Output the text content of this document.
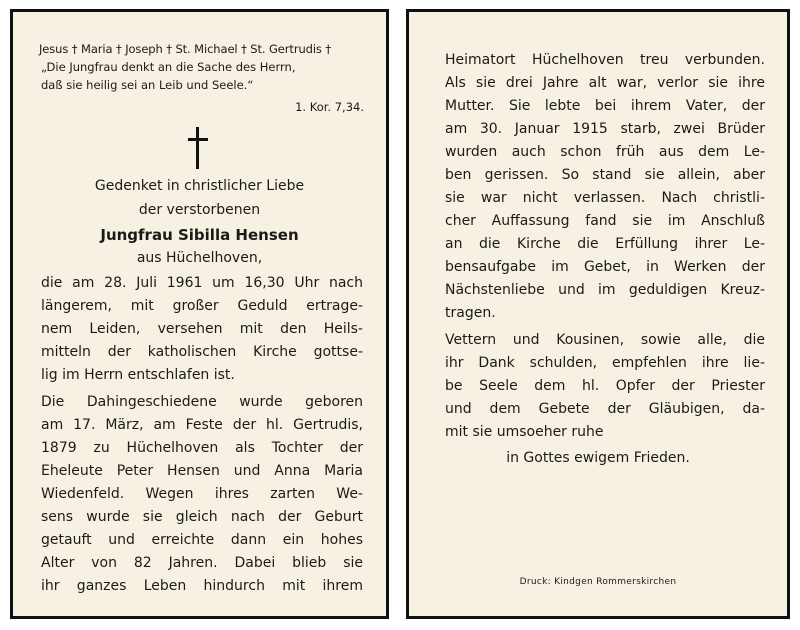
Jesus † Maria † Joseph † St. Michael † St. Gertrudis †
„Die Jungfrau denkt an die Sache des Herrn,
daß sie heilig sei an Leib und Seele.“
1. Kor. 7,34.
Gedenket in christlicher Liebe
der verstorbenen
Jungfrau Sibilla Hensen
aus Hüchelhoven,
die am 28. Juli 1961 um 16,30 Uhr nach
längerem, mit großer Geduld ertrage-
nem Leiden, versehen mit den Heils-
mitteln der katholischen Kirche gottse-
lig im Herrn entschlafen ist.
Die Dahingeschiedene wurde geboren
am 17. März, am Feste der hl. Gertrudis,
1879 zu Hüchelhoven als Tochter der
Eheleute Peter Hensen und Anna Maria
Wiedenfeld. Wegen ihres zarten We-
sens wurde sie gleich nach der Geburt
getauft und erreichte dann ein hohes
Alter von 82 Jahren. Dabei blieb sie
ihr ganzes Leben hindurch mit ihrem
Heimatort Hüchelhoven treu verbunden.
Als sie drei Jahre alt war, verlor sie ihre
Mutter. Sie lebte bei ihrem Vater, der
am 30. Januar 1915 starb, zwei Brüder
wurden auch schon früh aus dem Le-
ben gerissen. So stand sie allein, aber
sie war nicht verlassen. Nach christli-
cher Auffassung fand sie im Anschluß
an die Kirche die Erfüllung ihrer Le-
bensaufgabe im Gebet, in Werken der
Nächstenliebe und im geduldigen Kreuz-
tragen.
Vettern und Kousinen, sowie alle, die
ihr Dank schulden, empfehlen ihre lie-
be Seele dem hl. Opfer der Priester
und dem Gebete der Gläubigen, da-
mit sie umsoeher ruhe
in Gottes ewigem Frieden.
Druck: Kindgen Rommerskirchen
